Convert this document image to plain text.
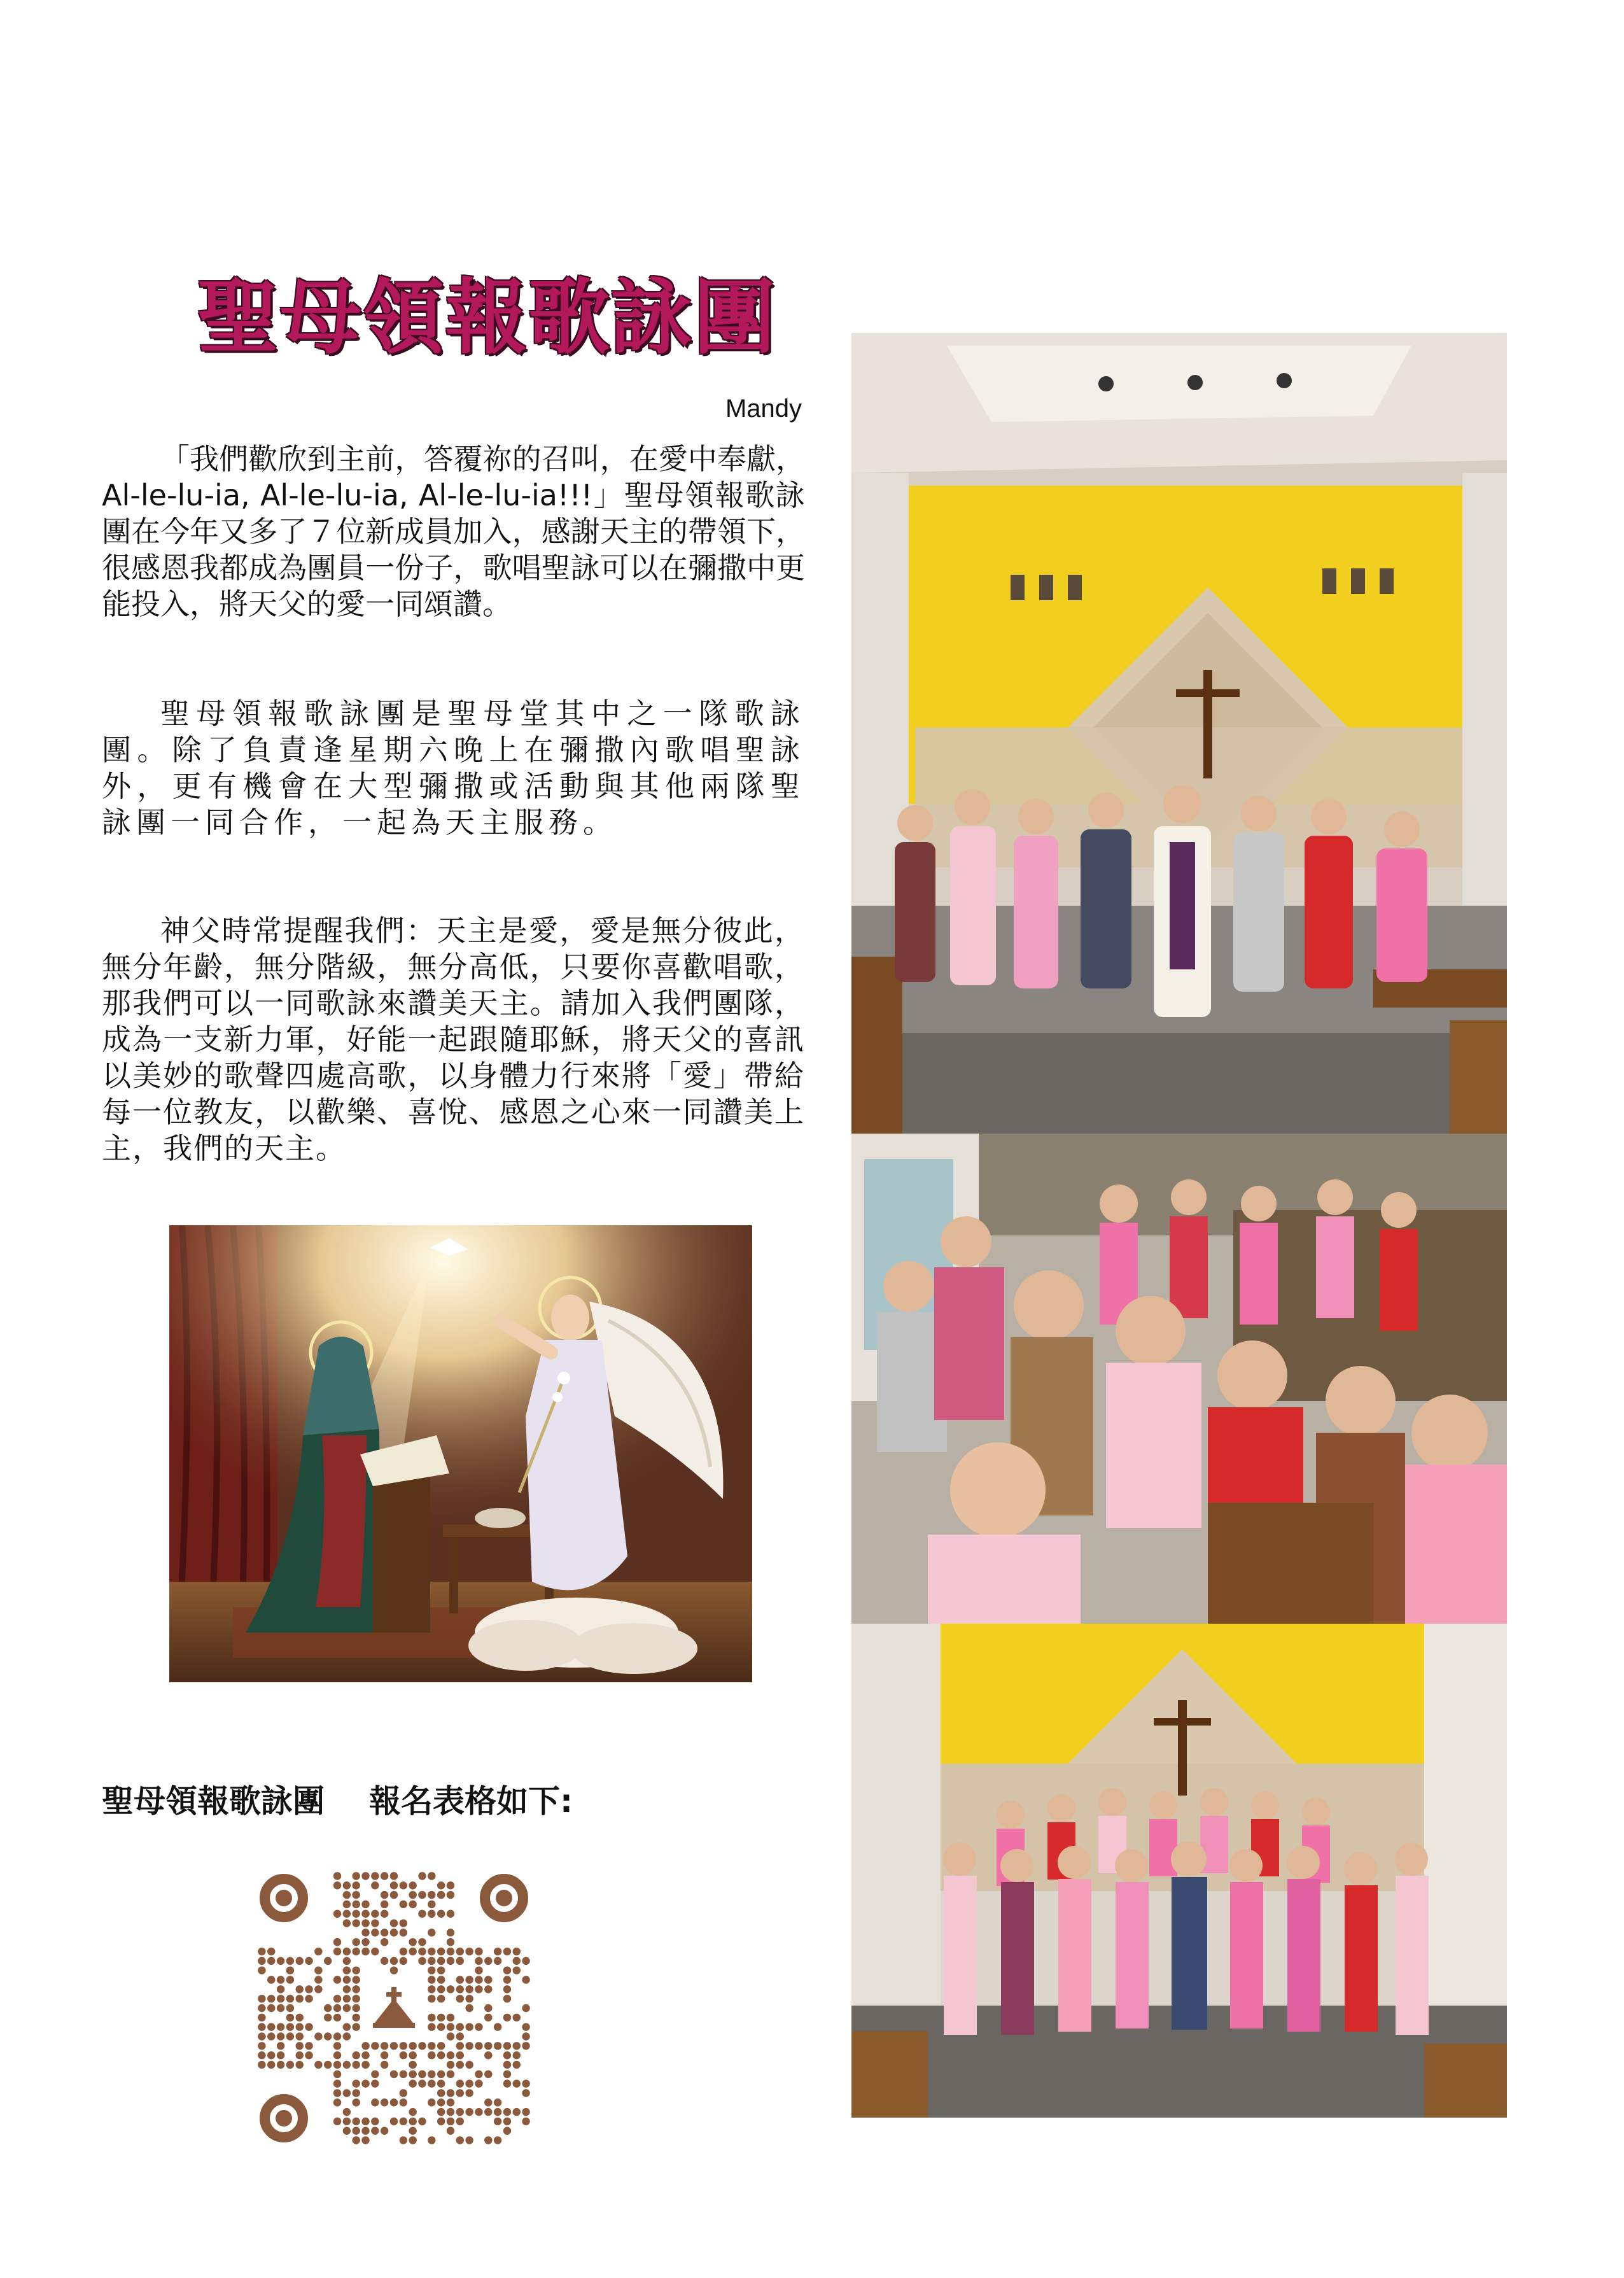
聖母領報歌詠團
Mandy
「我們歡欣到主前，答覆祢的召叫，在愛中奉獻，Al-le-lu-ia, Al-le-lu-ia, Al-le-lu-ia!!!」聖母領報歌詠團在今年又多了７位新成員加入，感謝天主的帶領下，很感恩我都成為團員一份子，歌唱聖詠可以在彌撒中更能投入，將天父的愛一同頌讚。
聖母領報歌詠團是聖母堂其中之一隊歌詠團。除了負責逢星期六晚上在彌撒內歌唱聖詠外，更有機會在大型彌撒或活動與其他兩隊聖詠團一同合作，一起為天主服務。
神父時常提醒我們：天主是愛，愛是無分彼此，無分年齡，無分階級，無分高低，只要你喜歡唱歌，那我們可以一同歌詠來讚美天主。請加入我們團隊，成為一支新力軍，好能一起跟隨耶穌，將天父的喜訊以美妙的歌聲四處高歌，以身體力行來將「愛」帶給每一位教友，以歡樂、喜悅、感恩之心來一同讚美上主，我們的天主。
聖母領報歌詠團 報名表格如下:
